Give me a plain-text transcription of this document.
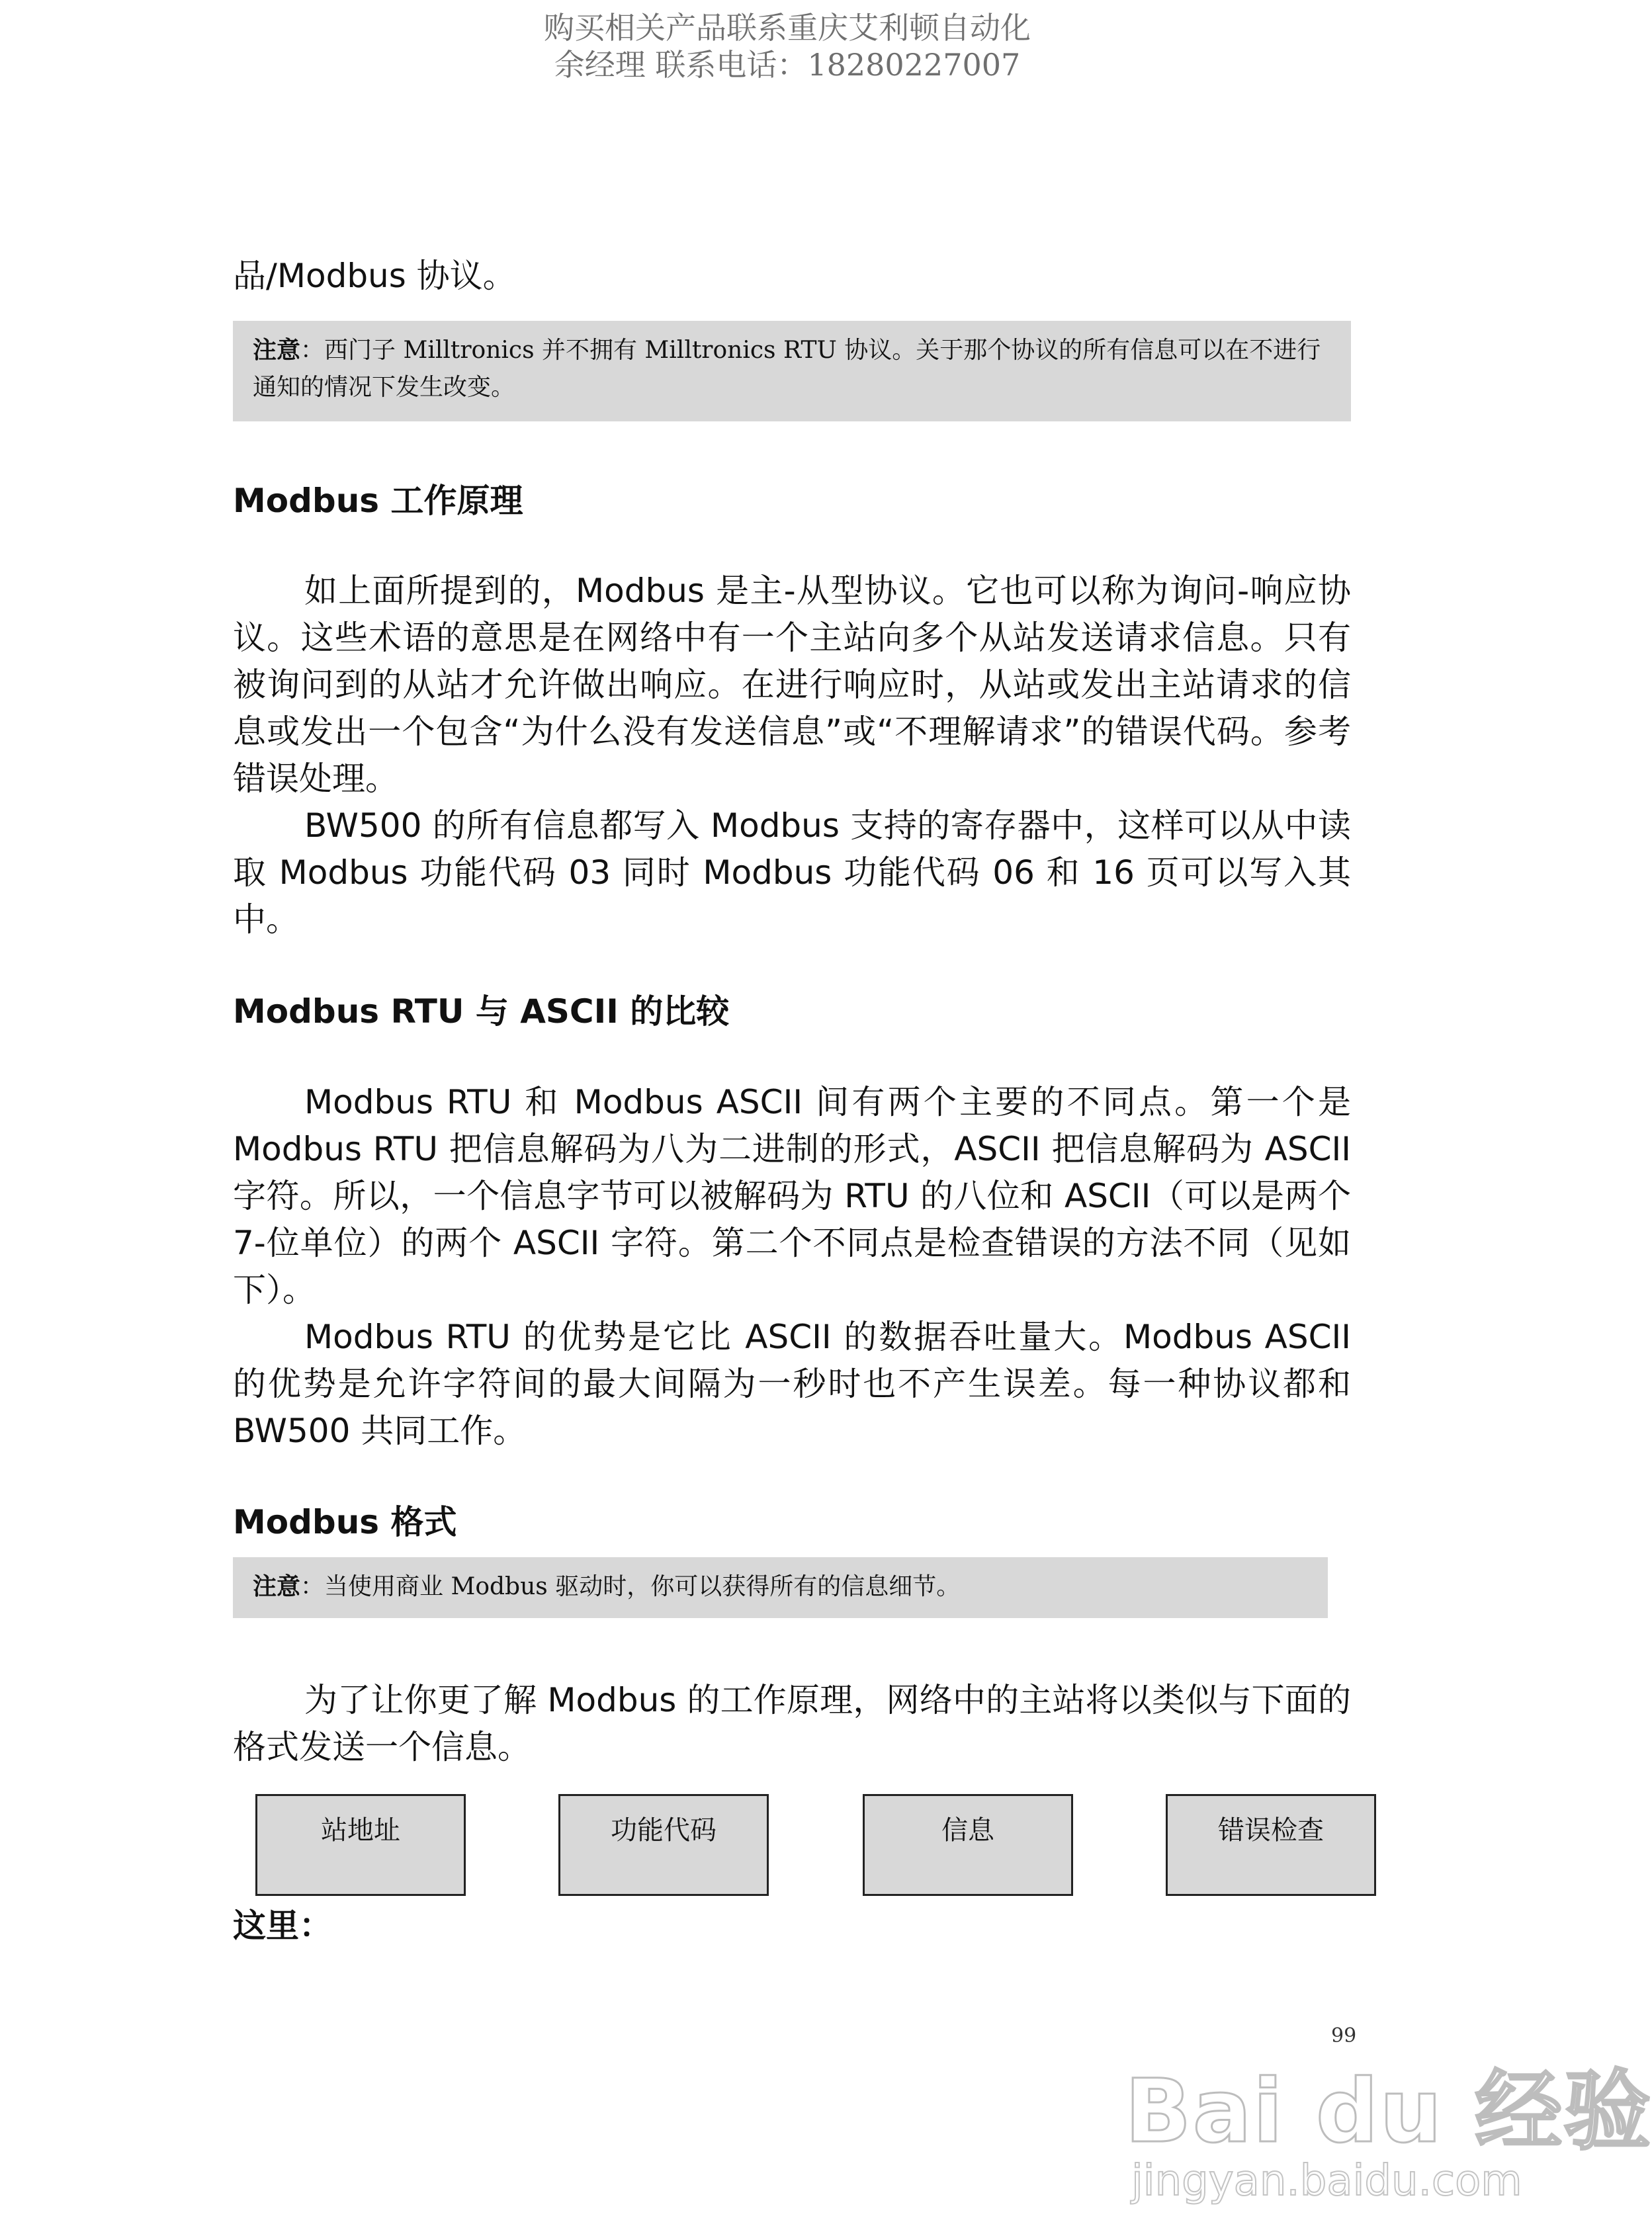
购买相关产品联系重庆艾利顿自动化
余经理 联系电话：18280227007
品/Modbus 协议。
注意：西门子 Milltronics 并不拥有 Milltronics RTU 协议。关于那个协议的所有信息可以在不进行通知的情况下发生改变。
Modbus 工作原理
如上面所提到的，Modbus 是主-从型协议。它也可以称为询问-响应协议。这些术语的意思是在网络中有一个主站向多个从站发送请求信息。只有被询问到的从站才允许做出响应。在进行响应时，从站或发出主站请求的信息或发出一个包含“为什么没有发送信息”或“不理解请求”的错误代码。参考错误处理。
BW500 的所有信息都写入 Modbus 支持的寄存器中，这样可以从中读取 Modbus 功能代码 03 同时 Modbus 功能代码 06 和 16 页可以写入其中。
Modbus RTU 与 ASCII 的比较
Modbus RTU 和 Modbus ASCII 间有两个主要的不同点。第一个是 Modbus RTU 把信息解码为八为二进制的形式，ASCII 把信息解码为 ASCII 字符。所以，一个信息字节可以被解码为 RTU 的八位和 ASCII（可以是两个 7-位单位）的两个 ASCII 字符。第二个不同点是检查错误的方法不同（见如下）。
Modbus RTU 的优势是它比 ASCII 的数据吞吐量大。Modbus ASCII 的优势是允许字符间的最大间隔为一秒时也不产生误差。每一种协议都和 BW500 共同工作。
Modbus 格式
注意：当使用商业 Modbus 驱动时，你可以获得所有的信息细节。
为了让你更了解 Modbus 的工作原理，网络中的主站将以类似与下面的格式发送一个信息。
站地址	功能代码	信息	错误检查
这里：
99
Bai du 经验
jingyan.baidu.com
